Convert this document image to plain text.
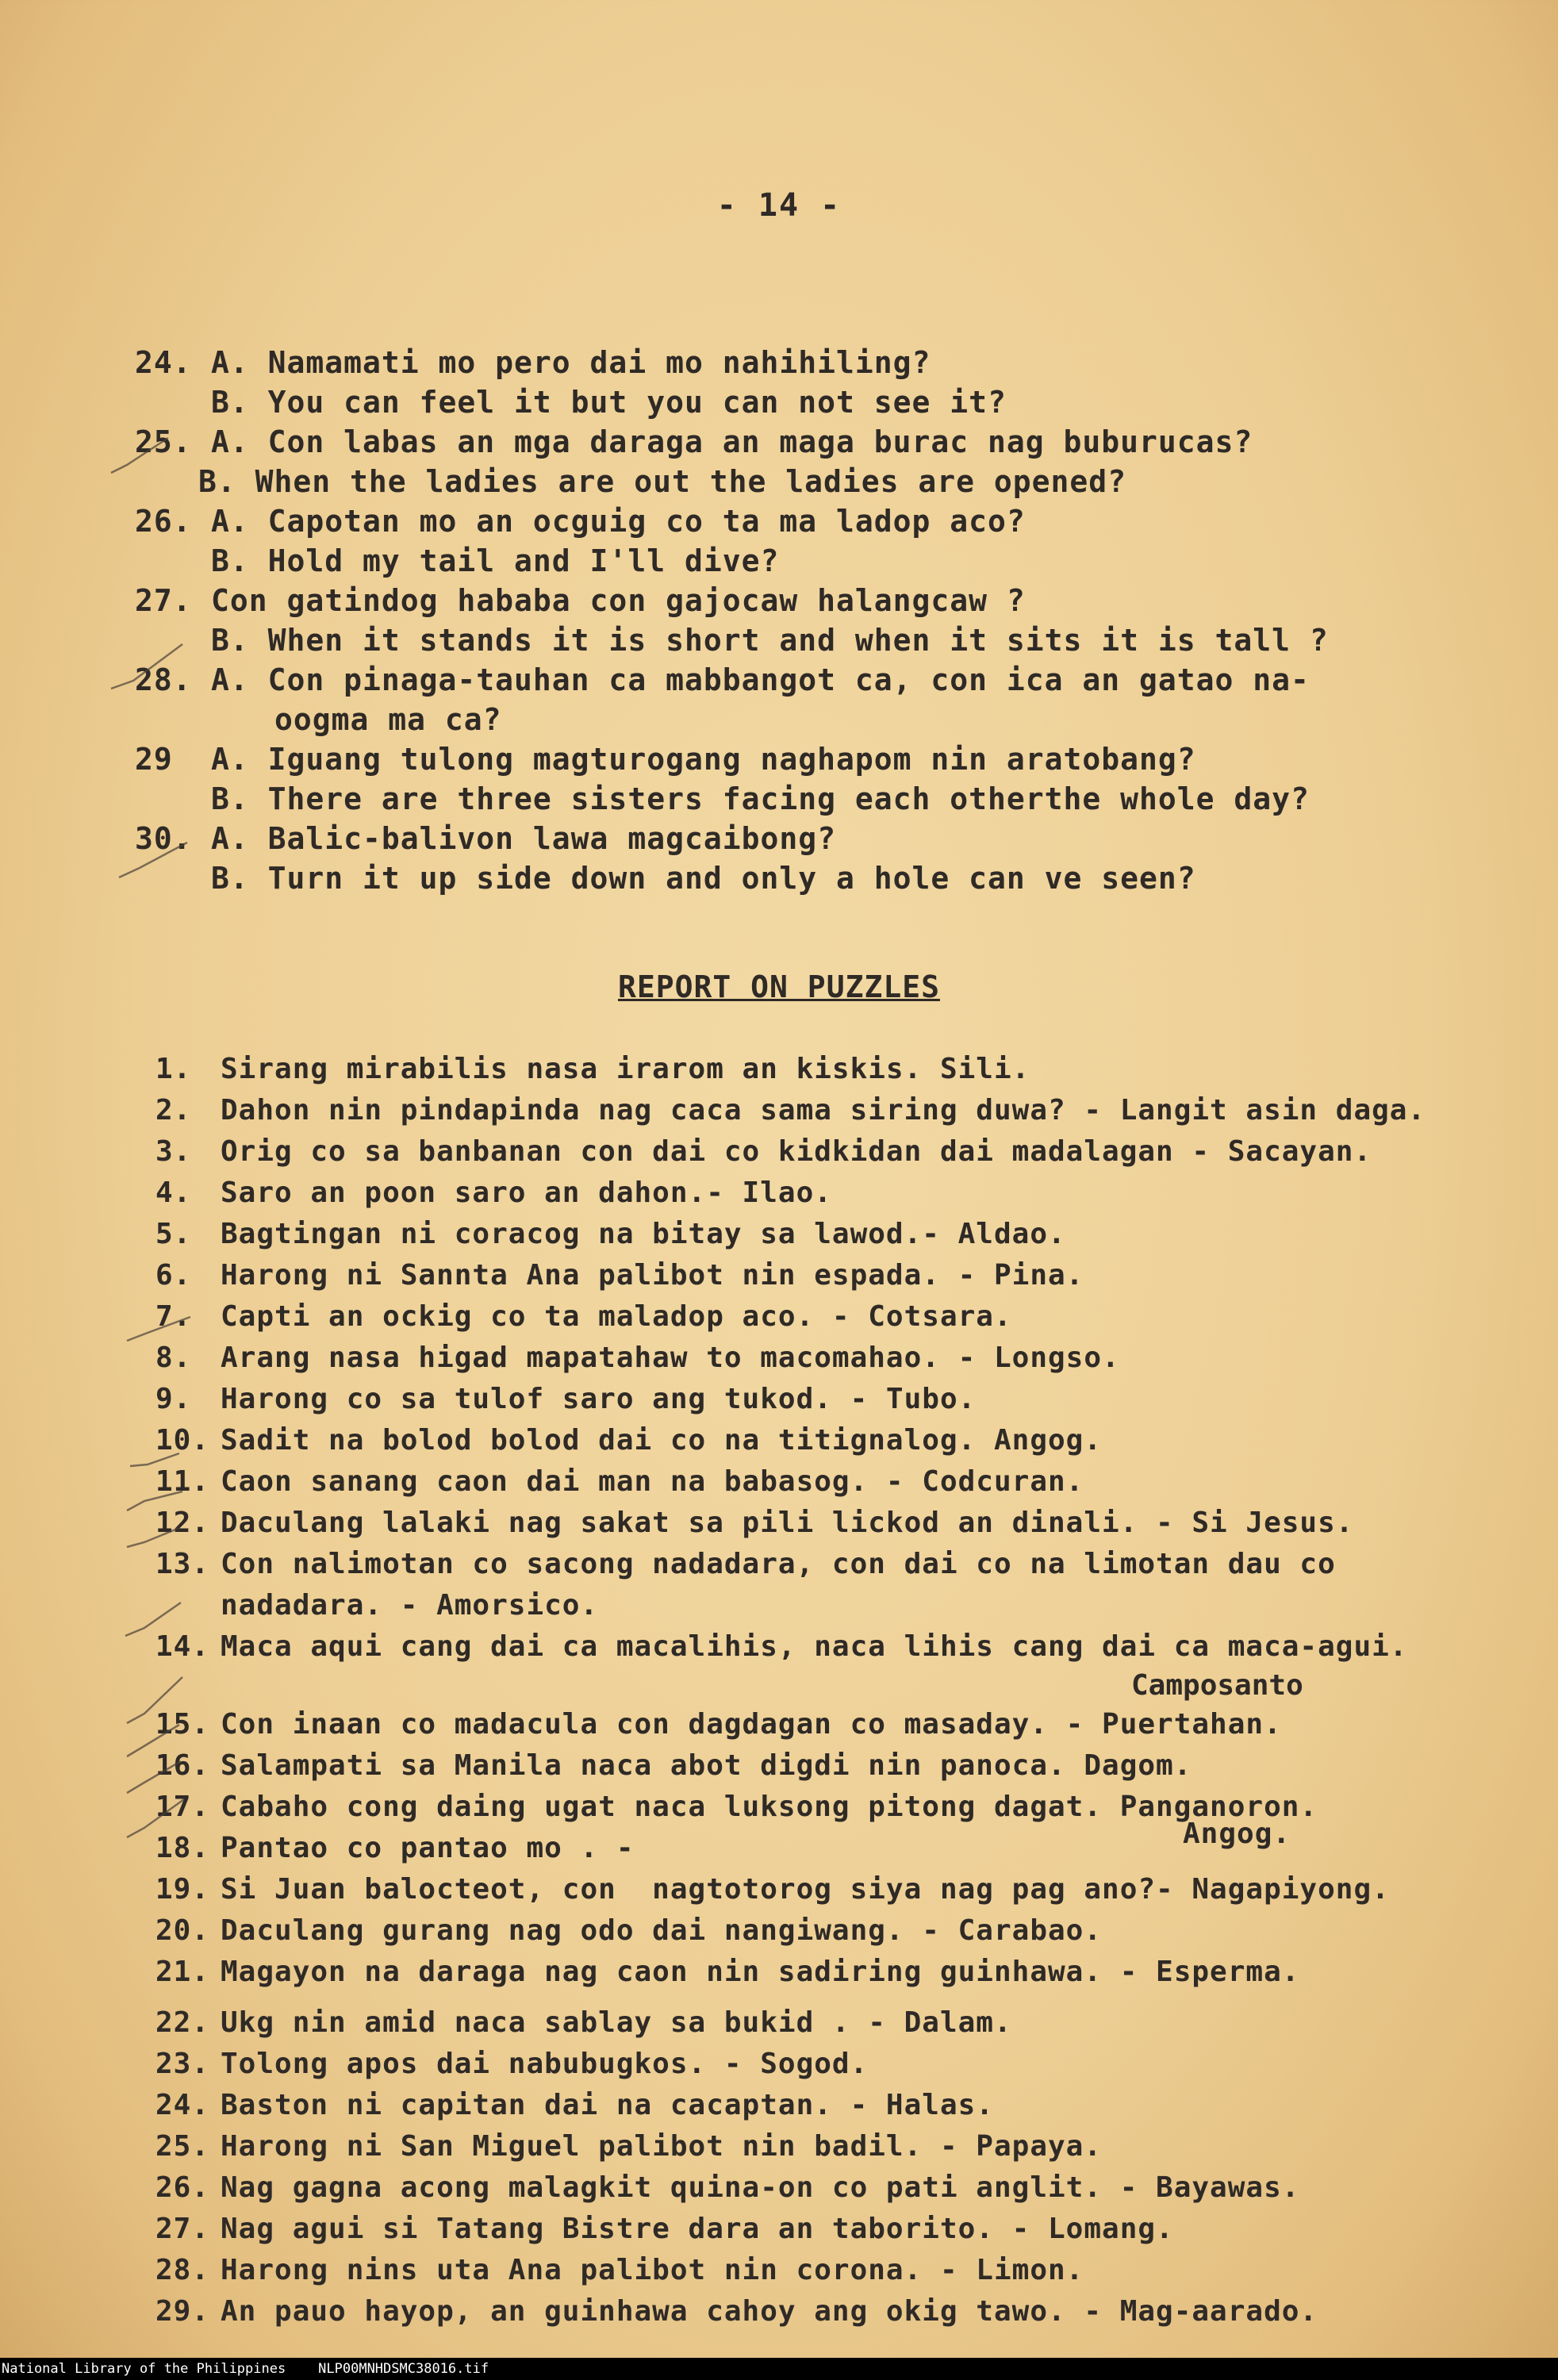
- 14 -
24. A. Namamati mo pero dai mo nahihiling?
B. You can feel it but you can not see it?
25. A. Con labas an mga daraga an maga burac nag buburucas?
B. When the ladies are out the ladies are opened?
26. A. Capotan mo an ocguig co ta ma ladop aco?
B. Hold my tail and I'll dive?
27. Con gatindog hababa con gajocaw halangcaw ?
B. When it stands it is short and when it sits it is tall ?
28. A. Con pinaga-tauhan ca mabbangot ca, con ica an gatao na-
oogma ma ca?
29 A. Iguang tulong magturogang naghapom nin aratobang?
B. There are three sisters facing each otherthe whole day?
30. A. Balic-balivon lawa magcaibong?
B. Turn it up side down and only a hole can ve seen?
REPORT ON PUZZLES
1. Sirang mirabilis nasa irarom an kiskis. Sili.
2. Dahon nin pindapinda nag caca sama siring duwa? - Langit asin daga.
3. Orig co sa banbanan con dai co kidkidan dai madalagan - Sacayan.
4. Saro an poon saro an dahon.- Ilao.
5. Bagtingan ni coracog na bitay sa lawod.- Aldao.
6. Harong ni Sannta Ana palibot nin espada. - Pina.
7. Capti an ockig co ta maladop aco. - Cotsara.
8. Arang nasa higad mapatahaw to macomahao. - Longso.
9. Harong co sa tulof saro ang tukod. - Tubo.
10. Sadit na bolod bolod dai co na titignalog. Angog.
11. Caon sanang caon dai man na babasog. - Codcuran.
12. Daculang lalaki nag sakat sa pili lickod an dinali. - Si Jesus.
13. Con nalimotan co sacong nadadara, con dai co na limotan dau co
nadadara. - Amorsico.
14. Maca aqui cang dai ca macalihis, naca lihis cang dai ca maca-agui.
Camposanto
15. Con inaan co madacula con dagdagan co masaday. - Puertahan.
16. Salampati sa Manila naca abot digdi nin panoca. Dagom.
17. Cabaho cong daing ugat naca luksong pitong dagat. Panganoron.
18. Pantao co pantao mo . -	Angog.
19. Si Juan balocteot, con  nagtotorog siya nag pag ano?- Nagapiyong.
20. Daculang gurang nag odo dai nangiwang. - Carabao.
21. Magayon na daraga nag caon nin sadiring guinhawa. - Esperma.
22. Ukg nin amid naca sablay sa bukid . - Dalam.
23. Tolong apos dai nabubugkos. - Sogod.
24. Baston ni capitan dai na cacaptan. - Halas.
25. Harong ni San Miguel palibot nin badil. - Papaya.
26. Nag gagna acong malagkit quina-on co pati anglit. - Bayawas.
27. Nag agui si Tatang Bistre dara an taborito. - Lomang.
28. Harong nins uta Ana palibot nin corona. - Limon.
29. An pauo hayop, an guinhawa cahoy ang okig tawo. - Mag-aarado.
National Library of the Philippines    NLP00MNHDSMC38016.tif
